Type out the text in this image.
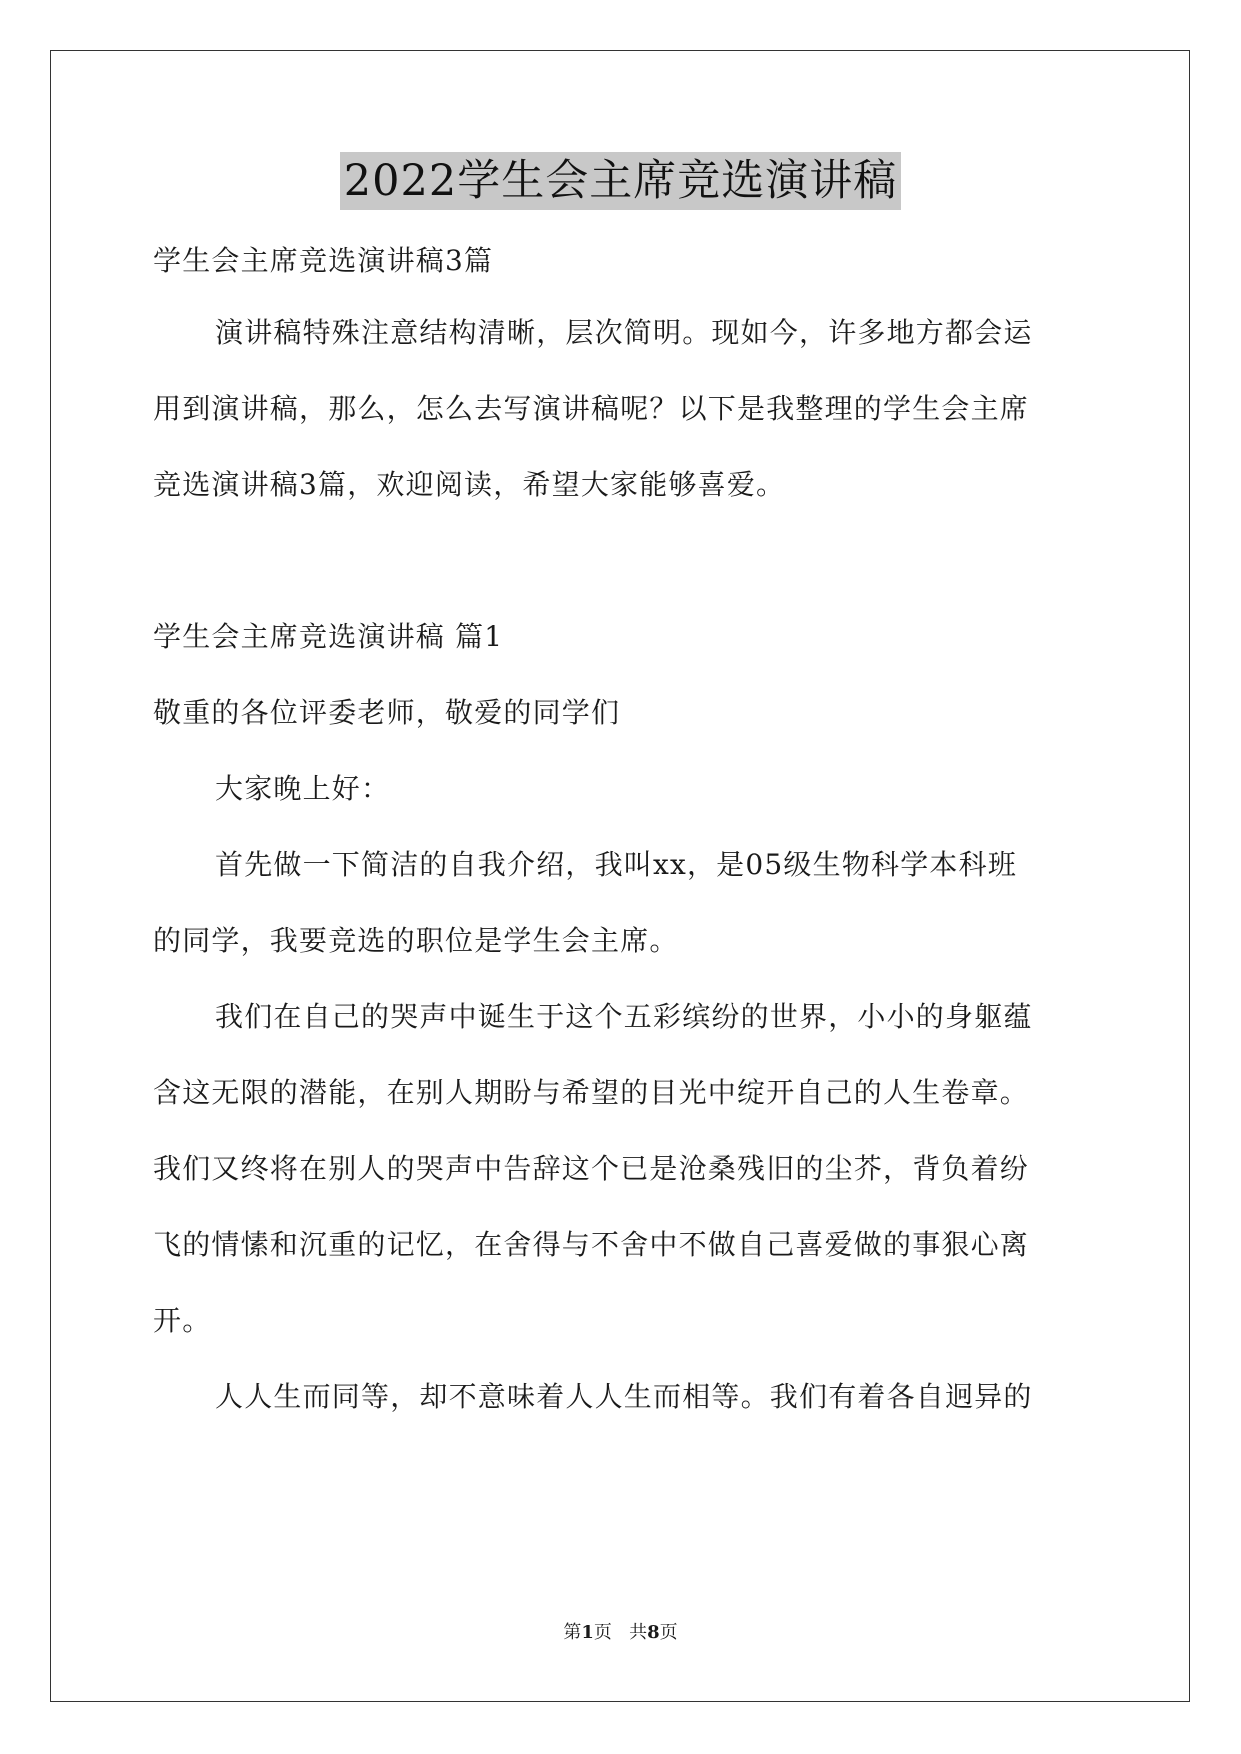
2022学生会主席竞选演讲稿
学生会主席竞选演讲稿3篇
演讲稿特殊注意结构清晰，层次简明。现如今，许多地方都会运
用到演讲稿，那么，怎么去写演讲稿呢？以下是我整理的学生会主席
竞选演讲稿3篇，欢迎阅读，希望大家能够喜爱。
学生会主席竞选演讲稿 篇1
敬重的各位评委老师，敬爱的同学们
大家晚上好：
首先做一下简洁的自我介绍，我叫xx，是05级生物科学本科班
的同学，我要竞选的职位是学生会主席。
我们在自己的哭声中诞生于这个五彩缤纷的世界，小小的身躯蕴
含这无限的潜能，在别人期盼与希望的目光中绽开自己的人生卷章。
我们又终将在别人的哭声中告辞这个已是沧桑残旧的尘芥，背负着纷
飞的情愫和沉重的记忆，在舍得与不舍中不做自己喜爱做的事狠心离
开。
人人生而同等，却不意味着人人生而相等。我们有着各自迥异的
第1页   共8页
